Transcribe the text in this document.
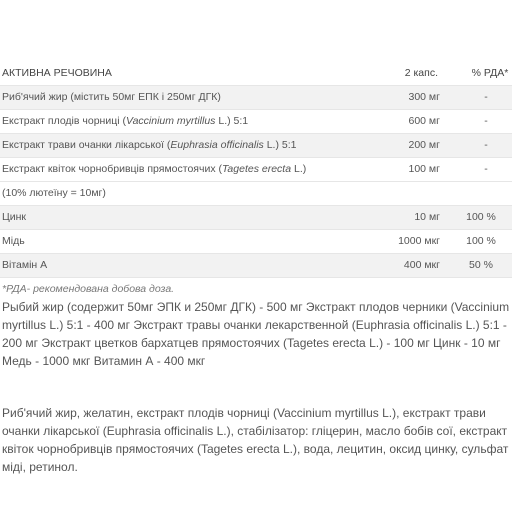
АКТИВНА РЕЧОВИНА	2 капс.	% РДА*
Риб'ячий жир (містить 50мг ЕПК і 250мг ДГК)	300 мг	-
Екстракт плодів чорниці (Vaccinium myrtillus L.) 5:1	600 мг	-
Екстракт трави очанки лікарської (Euphrasia officinalis L.) 5:1	200 мг	-
Екстракт квіток чорнобривців прямостоячих (Tagetes erecta L.)	100 мг	-
(10% лютеїну = 10мг)
Цинк	10 мг	100 %
Мідь	1000 мкг	100 %
Вітамін А	400 мкг	50 %
*РДА- рекомендована добова доза.
Рыбий жир (содержит 50мг ЭПК и 250мг ДГК) - 500 мг Экстракт плодов черники (Vaccinium myrtillus L.) 5:1 - 400 мг Экстракт травы очанки лекарственной (Euphrasia officinalis L.) 5:1 - 200 мг Экстракт цветков бархатцев прямостоячих (Tagetes erecta L.) - 100 мг Цинк - 10 мг Медь - 1000 мкг Витамин А - 400 мкг
Риб'ячий жир, желатин, екстракт плодів чорниці (Vaccinium myrtillus L.), екстракт трави очанки лікарської (Euphrasia officinalis L.), стабілізатор: гліцерин, масло бобів сої, екстракт квіток чорнобривців прямостоячих (Tagetes erecta L.), вода, лецитин, оксид цинку, сульфат міді, ретинол.
